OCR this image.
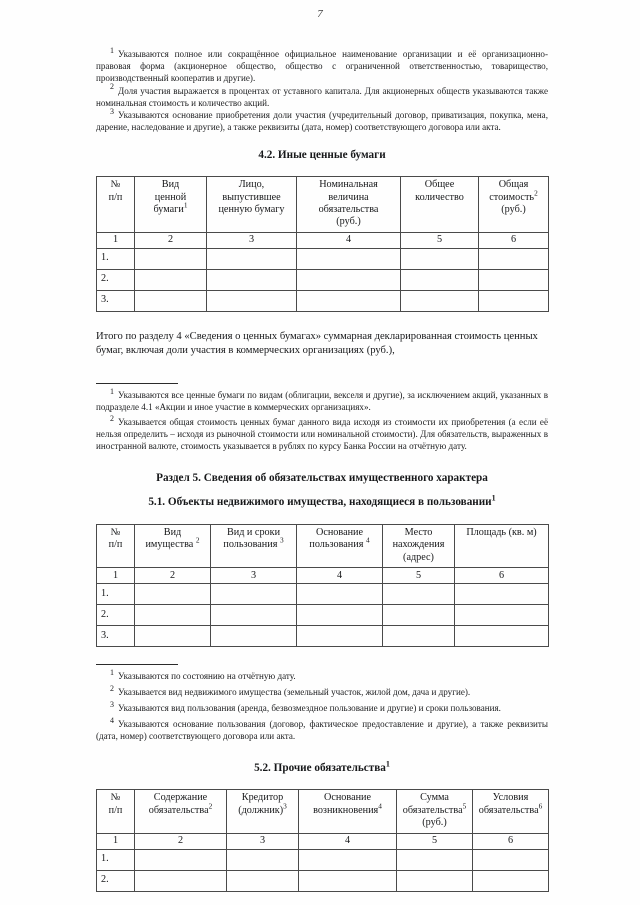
7

1 Указываются полное или сокращённое официальное наименование организации и её организационно-правовая форма (акционерное общество, общество с ограниченной ответственностью, товарищество, производственный кооператив и другие).

2 Доля участия выражается в процентах от уставного капитала. Для акционерных обществ указываются также номинальная стоимость и количество акций.

3 Указываются основание приобретения доли участия (учредительный договор, приватизация, покупка, мена, дарение, наследование и другие), а также реквизиты (дата, номер) соответствующего договора или акта.

4.2. Иные ценные бумаги
№
п/п

Вид
ценной
бумаги$^1$

Лицо,
выпустившее
ценную бумагу

Номинальная
величина
обязательства
(руб.)

Общее
количество

Общая
стоимость$^2$
(руб.)

1	2	3	4	5	6
1.					
2.					
3.					

Итого по разделу 4 «Сведения о ценных бумагах» суммарная декларированная стоимость ценных бумаг, включая доли участия в коммерческих организациях (руб.),

1 Указываются все ценные бумаги по видам (облигации, векселя и другие), за исключением акций, указанных в подразделе 4.1 «Акции и иное участие в коммерческих организациях».

2 Указывается общая стоимость ценных бумаг данного вида исходя из стоимости их приобретения (а если её нельзя определить – исходя из рыночной стоимости или номинальной стоимости). Для обязательств, выраженных в иностранной валюте, стоимость указывается в рублях по курсу Банка России на отчётную дату.

Раздел 5. Сведения об обязательствах имущественного характера
5.1. Объекты недвижимого имущества, находящиеся в пользовании$^1$
№
п/п

Вид
имущества $^2$

Вид и сроки
пользования $^3$

Основание
пользования $^4$

Место
нахождения
(адрес)

Площадь (кв. м)

1	2	3	4	5	6
1.					
2.					
3.					

1 Указываются по состоянию на отчётную дату.

2 Указывается вид недвижимого имущества (земельный участок, жилой дом, дача и другие).

3 Указываются вид пользования (аренда, безвозмездное пользование и другие) и сроки пользования.

4 Указываются основание пользования (договор, фактическое предоставление и другие), а также реквизиты (дата, номер) соответствующего договора или акта.

5.2. Прочие обязательства$^1$
№
п/п

Содержание
обязательства$^2$

Кредитор
(должник)$^3$

Основание
возникновения$^4$

Сумма
обязательства$^5$
(руб.)

Условия
обязательства$^6$

1	2	3	4	5	6
1.					
2.					
